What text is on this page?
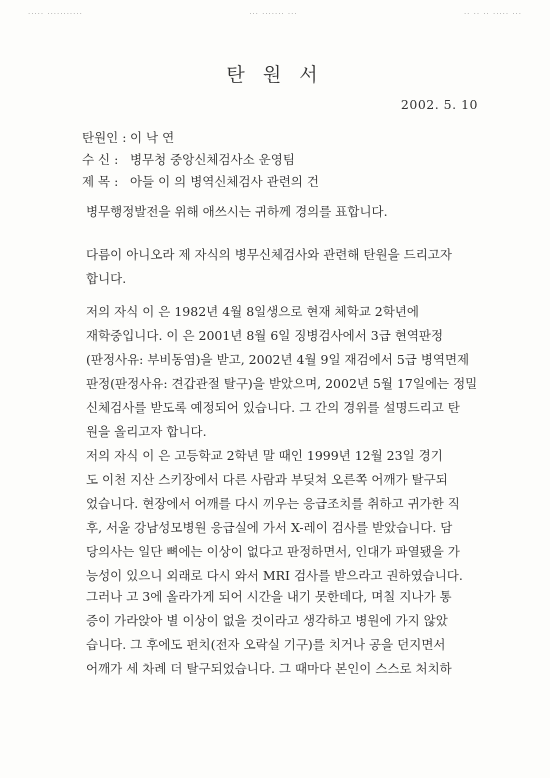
····· ···········	··· ······· ···	·· ·· ·· ····· ···
탄 원 서
2002. 5. 10
탄원인 : 이 낙 연
수 신 : 병무청 중앙신체검사소 운영팀
제 목 : 아들 이 의 병역신체검사 관련의 건
병무행정발전을 위해 애쓰시는 귀하께 경의를 표합니다.
다름이 아니오라 제 자식의 병무신체검사와 관련해 탄원을 드리고자
합니다.
저의 자식 이 은 1982년 4월 8일생으로 현재 체학교 2학년에
재학중입니다. 이 은 2001년 8월 6일 징병검사에서 3급 현역판정
(판정사유: 부비동염)을 받고, 2002년 4월 9일 재검에서 5급 병역면제
판정(판정사유: 견갑관절 탈구)을 받았으며, 2002년 5월 17일에는 정밀
신체검사를 받도록 예정되어 있습니다. 그 간의 경위를 설명드리고 탄
원을 올리고자 합니다.
저의 자식 이 은 고등학교 2학년 말 때인 1999년 12월 23일 경기
도 이천 지산 스키장에서 다른 사람과 부딪쳐 오른쪽 어깨가 탈구되
었습니다. 현장에서 어깨를 다시 끼우는 응급조치를 취하고 귀가한 직
후, 서울 강남성모병원 응급실에 가서 X-레이 검사를 받았습니다. 담
당의사는 일단 뼈에는 이상이 없다고 판정하면서, 인대가 파열됐을 가
능성이 있으니 외래로 다시 와서 MRI 검사를 받으라고 권하였습니다.
그러나 고 3에 올라가게 되어 시간을 내기 못한데다, 며칠 지나가 통
증이 가라앉아 별 이상이 없을 것이라고 생각하고 병원에 가지 않았
습니다. 그 후에도 펀치(전자 오락실 기구)를 치거나 공을 던지면서
어깨가 세 차례 더 탈구되었습니다. 그 때마다 본인이 스스로 처치하
